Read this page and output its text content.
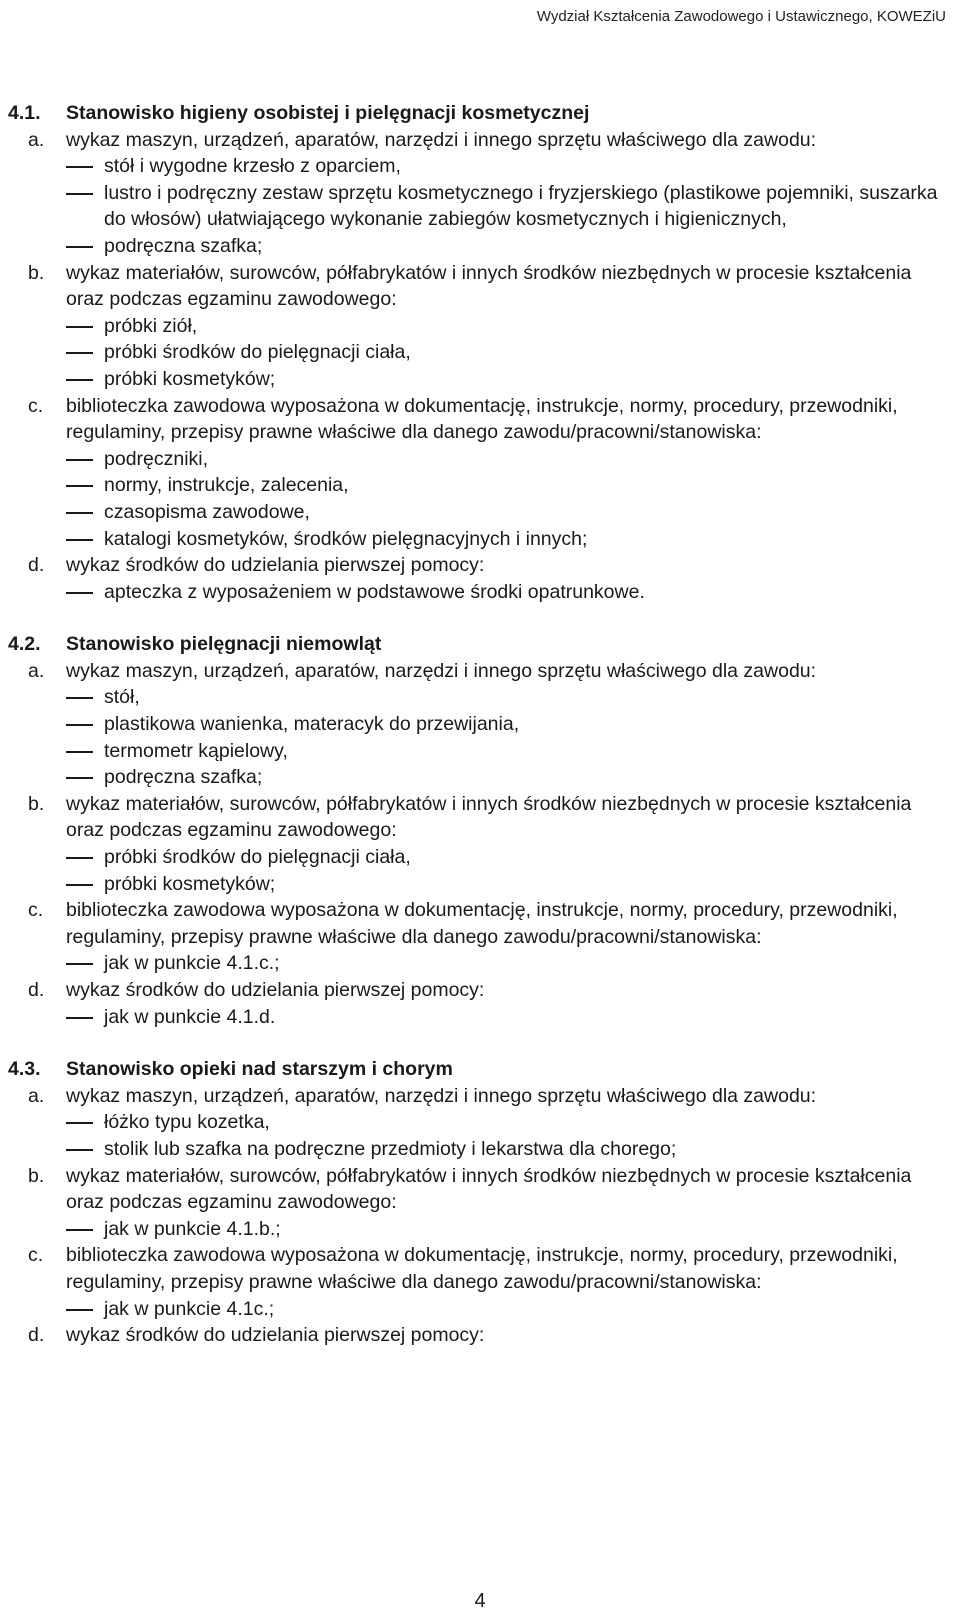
Wydział Kształcenia Zawodowego i Ustawicznego, KOWEZiU
4.1. Stanowisko higieny osobistej i pielęgnacji kosmetycznej
a. wykaz maszyn, urządzeń, aparatów, narzędzi i innego sprzętu właściwego dla zawodu:
stół i wygodne krzesło z oparciem,
lustro i podręczny zestaw sprzętu kosmetycznego i fryzjerskiego (plastikowe pojemniki, suszarka do włosów) ułatwiającego wykonanie zabiegów kosmetycznych i higienicznych,
podręczna szafka;
b. wykaz materiałów, surowców, półfabrykatów i innych środków niezbędnych w procesie kształcenia oraz podczas egzaminu zawodowego:
próbki ziół,
próbki środków do pielęgnacji ciała,
próbki kosmetyków;
c. biblioteczka zawodowa wyposażona w dokumentację, instrukcje, normy, procedury, przewodniki, regulaminy, przepisy prawne właściwe dla danego zawodu/pracowni/stanowiska:
podręczniki,
normy, instrukcje, zalecenia,
czasopisma zawodowe,
katalogi kosmetyków, środków pielęgnacyjnych i innych;
d. wykaz środków do udzielania pierwszej pomocy:
apteczka z wyposażeniem w podstawowe środki opatrunkowe.
4.2. Stanowisko pielęgnacji niemowląt
a. wykaz maszyn, urządzeń, aparatów, narzędzi i innego sprzętu właściwego dla zawodu:
stół,
plastikowa wanienka, materacyk do przewijania,
termometr kąpielowy,
podręczna szafka;
b. wykaz materiałów, surowców, półfabrykatów i innych środków niezbędnych w procesie kształcenia oraz podczas egzaminu zawodowego:
próbki środków do pielęgnacji ciała,
próbki kosmetyków;
c. biblioteczka zawodowa wyposażona w dokumentację, instrukcje, normy, procedury, przewodniki, regulaminy, przepisy prawne właściwe dla danego zawodu/pracowni/stanowiska:
jak w punkcie 4.1.c.;
d. wykaz środków do udzielania pierwszej pomocy:
jak w punkcie 4.1.d.
4.3. Stanowisko opieki nad starszym i chorym
a. wykaz maszyn, urządzeń, aparatów, narzędzi i innego sprzętu właściwego dla zawodu:
łóżko typu kozetka,
stolik lub szafka na podręczne przedmioty i lekarstwa dla chorego;
b. wykaz materiałów, surowców, półfabrykatów i innych środków niezbędnych w procesie kształcenia oraz podczas egzaminu zawodowego:
jak w punkcie 4.1.b.;
c. biblioteczka zawodowa wyposażona w dokumentację, instrukcje, normy, procedury, przewodniki, regulaminy, przepisy prawne właściwe dla danego zawodu/pracowni/stanowiska:
jak w punkcie 4.1c.;
d. wykaz środków do udzielania pierwszej pomocy:
4
